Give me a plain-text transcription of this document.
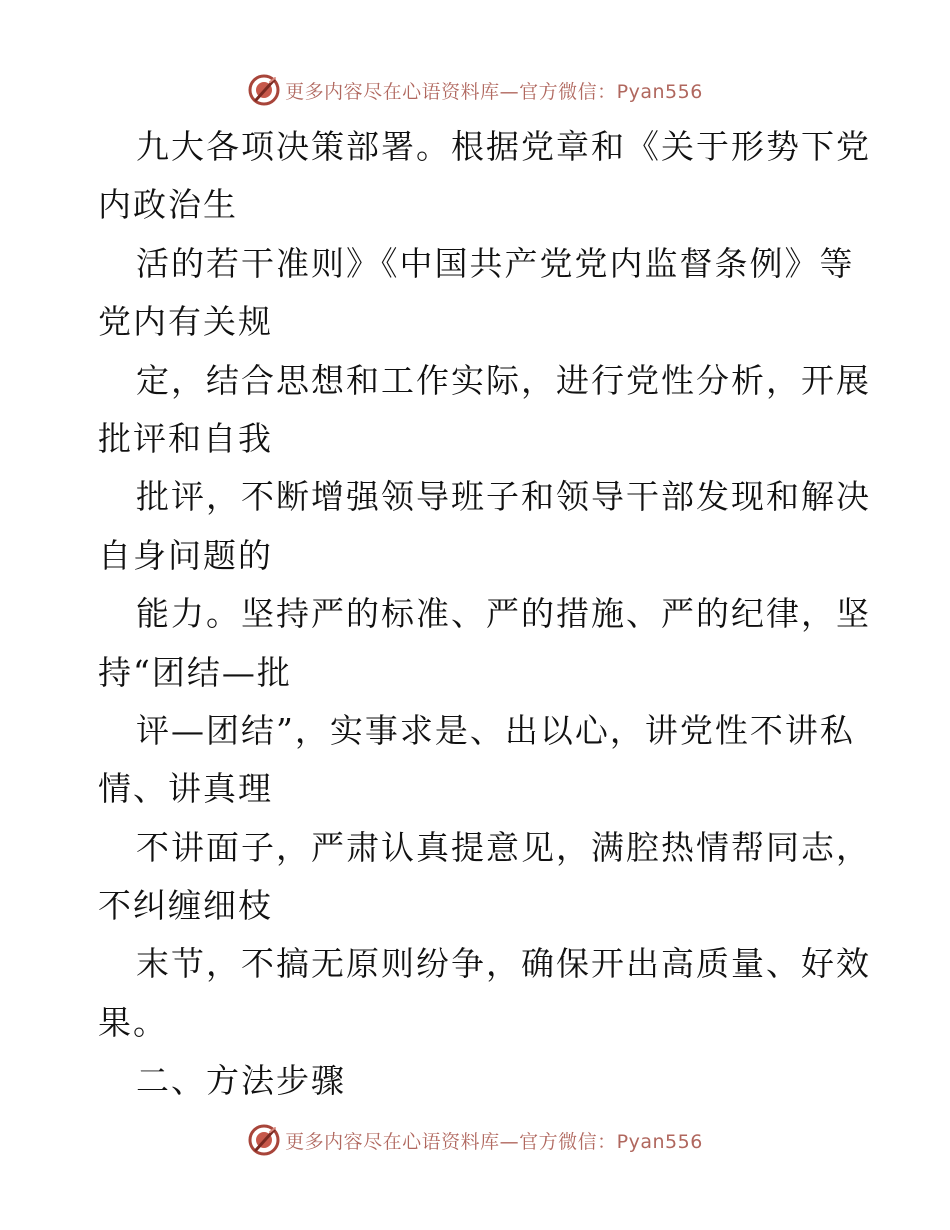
更多内容尽在心语资料库—官方微信：Pyan556
九大各项决策部署。根据党章和《关于形势下党
内政治生
活的若干准则》《中国共产党党内监督条例》等
党内有关规
定，结合思想和工作实际，进行党性分析，开展
批评和自我
批评，不断增强领导班子和领导干部发现和解决
自身问题的
能力。坚持严的标准、严的措施、严的纪律，坚
持“团结—批
评—团结”，实事求是、出以心，讲党性不讲私
情、讲真理
不讲面子，严肃认真提意见，满腔热情帮同志，
不纠缠细枝
末节，不搞无原则纷争，确保开出高质量、好效
果。
二、方法步骤
更多内容尽在心语资料库—官方微信：Pyan556
